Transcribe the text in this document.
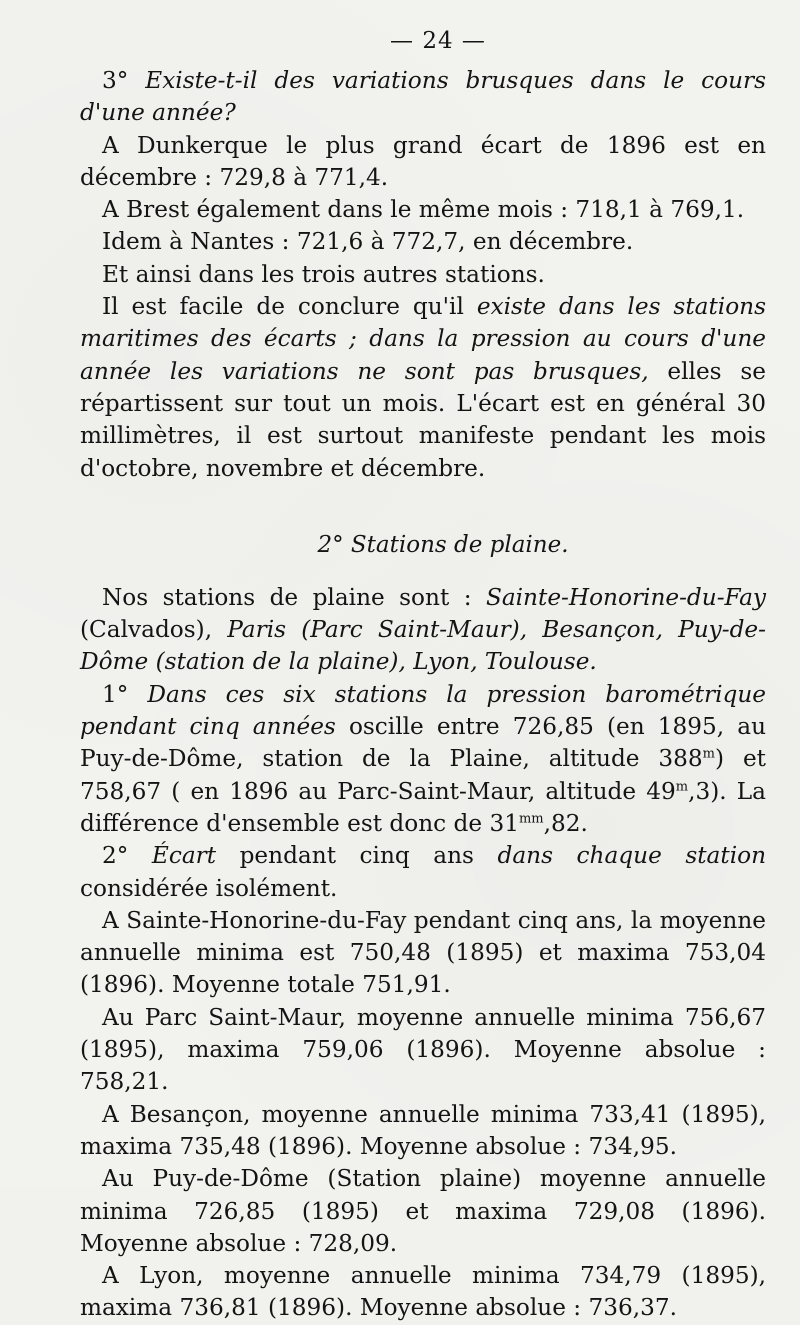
— 24 —

3° Existe-t-il des variations brusques dans le cours d'une année?

A Dunkerque le plus grand écart de 1896 est en décembre : 729,8 à 771,4.

A Brest également dans le même mois : 718,1 à 769,1.

Idem à Nantes : 721,6 à 772,7, en décembre.

Et ainsi dans les trois autres stations.

Il est facile de conclure qu'il existe dans les stations maritimes des écarts ; dans la pression au cours d'une année les variations ne sont pas brusques, elles se répartissent sur tout un mois. L'écart est en général 30 millimètres, il est surtout manifeste pendant les mois d'octobre, novembre et décembre.

2° Stations de plaine.

Nos stations de plaine sont : Sainte-Honorine-du-Fay (Calvados), Paris (Parc Saint-Maur), Besançon, Puy-de-Dôme (station de la plaine), Lyon, Toulouse.

1° Dans ces six stations la pression barométrique pendant cinq années oscille entre 726,85 (en 1895, au Puy-de-Dôme, station de la Plaine, altitude 388$^m$) et 758,67 ( en 1896 au Parc-Saint-Maur, altitude 49$^m$,3). La différence d'ensemble est donc de $31^{mm},82$.

2° Écart pendant cinq ans dans chaque station considérée isolément.

A Sainte-Honorine-du-Fay pendant cinq ans, la moyenne annuelle minima est 750,48 (1895) et maxima 753,04 (1896). Moyenne totale 751,91.

Au Parc Saint-Maur, moyenne annuelle minima 756,67 (1895), maxima 759,06 (1896). Moyenne absolue : 758,21.

A Besançon, moyenne annuelle minima 733,41 (1895), maxima 735,48 (1896). Moyenne absolue : 734,95.

Au Puy-de-Dôme (Station plaine) moyenne annuelle minima 726,85 (1895) et maxima 729,08 (1896). Moyenne absolue : 728,09.

A Lyon, moyenne annuelle minima 734,79 (1895), maxima 736,81 (1896). Moyenne absolue : 736,37.
